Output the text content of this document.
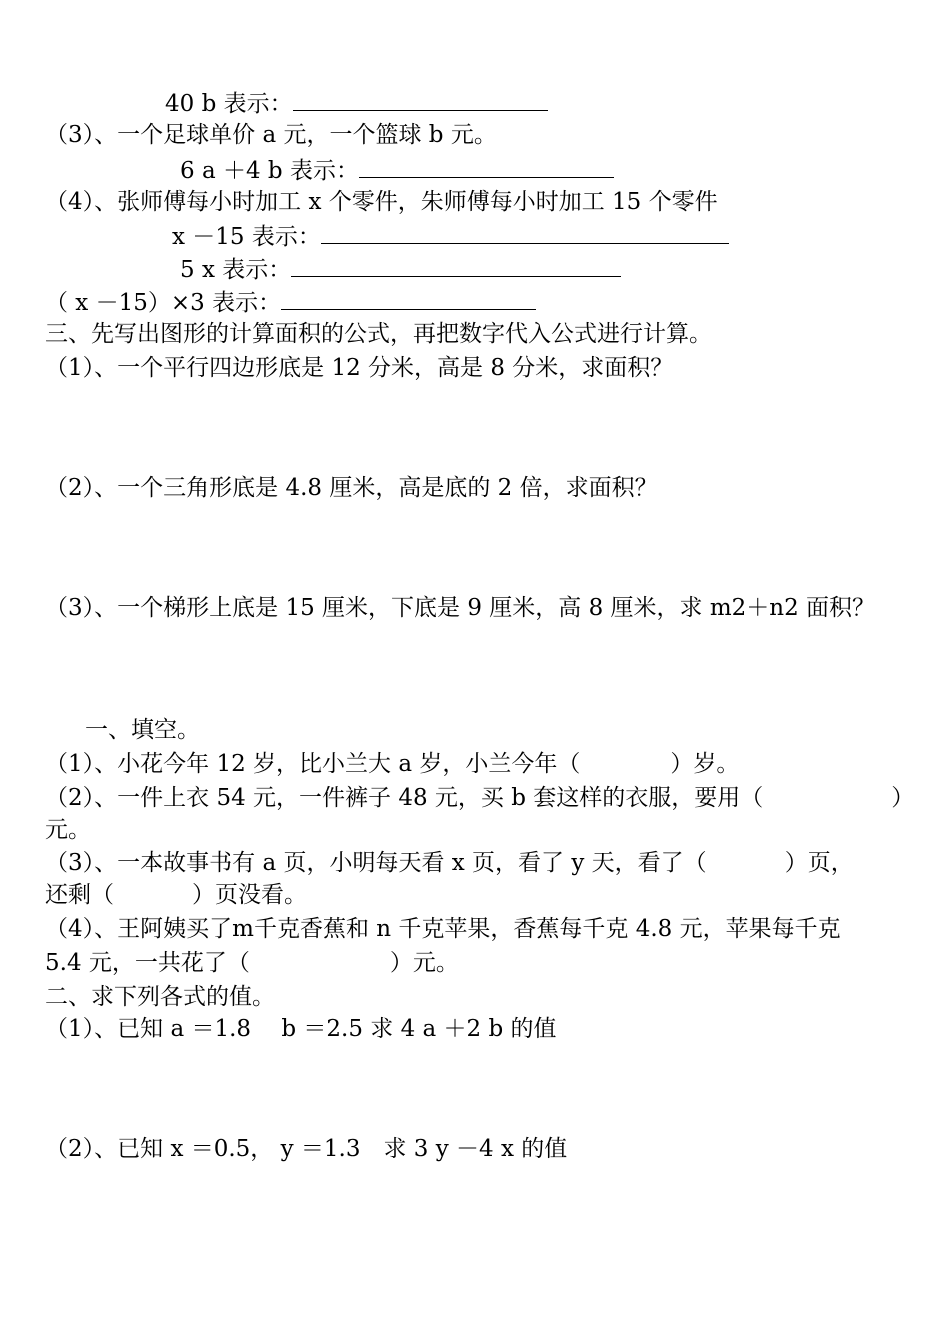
40 b 表示：
（3）、一个足球单价 a 元，一个篮球 b 元。
6 a ＋4 b 表示：
（4）、张师傅每小时加工 x 个零件，朱师傅每小时加工 15 个零件
x －15 表示：
5 x 表示：
（ x －15）×3 表示：
三、先写出图形的计算面积的公式，再把数字代入公式进行计算。
（1）、一个平行四边形底是 12 分米，高是 8 分米，求面积？
（2）、一个三角形底是 4.8 厘米，高是底的 2 倍，求面积？
（3）、一个梯形上底是 15 厘米，下底是 9 厘米，高 8 厘米，求 m2＋n2 面积？
一、填空。
（1）、小花今年 12 岁，比小兰大 a 岁，小兰今年（	）岁。
（2）、一件上衣 54 元，一件裤子 48 元，买 b 套这样的衣服，要用（	）
元。
（3）、一本故事书有 a 页，小明每天看 x 页，看了 y 天，看了（	）页，
还剩（	）页没看。
（4）、王阿姨买了m千克香蕉和 n 千克苹果，香蕉每千克 4.8 元，苹果每千克
5.4 元，一共花了（	）元。
二、求下列各式的值。
（1）、已知 a ＝1.8　 b ＝2.5 求 4 a ＋2 b 的值
（2）、已知 x ＝0.5， y ＝1.3　求 3 y －4 x 的值
